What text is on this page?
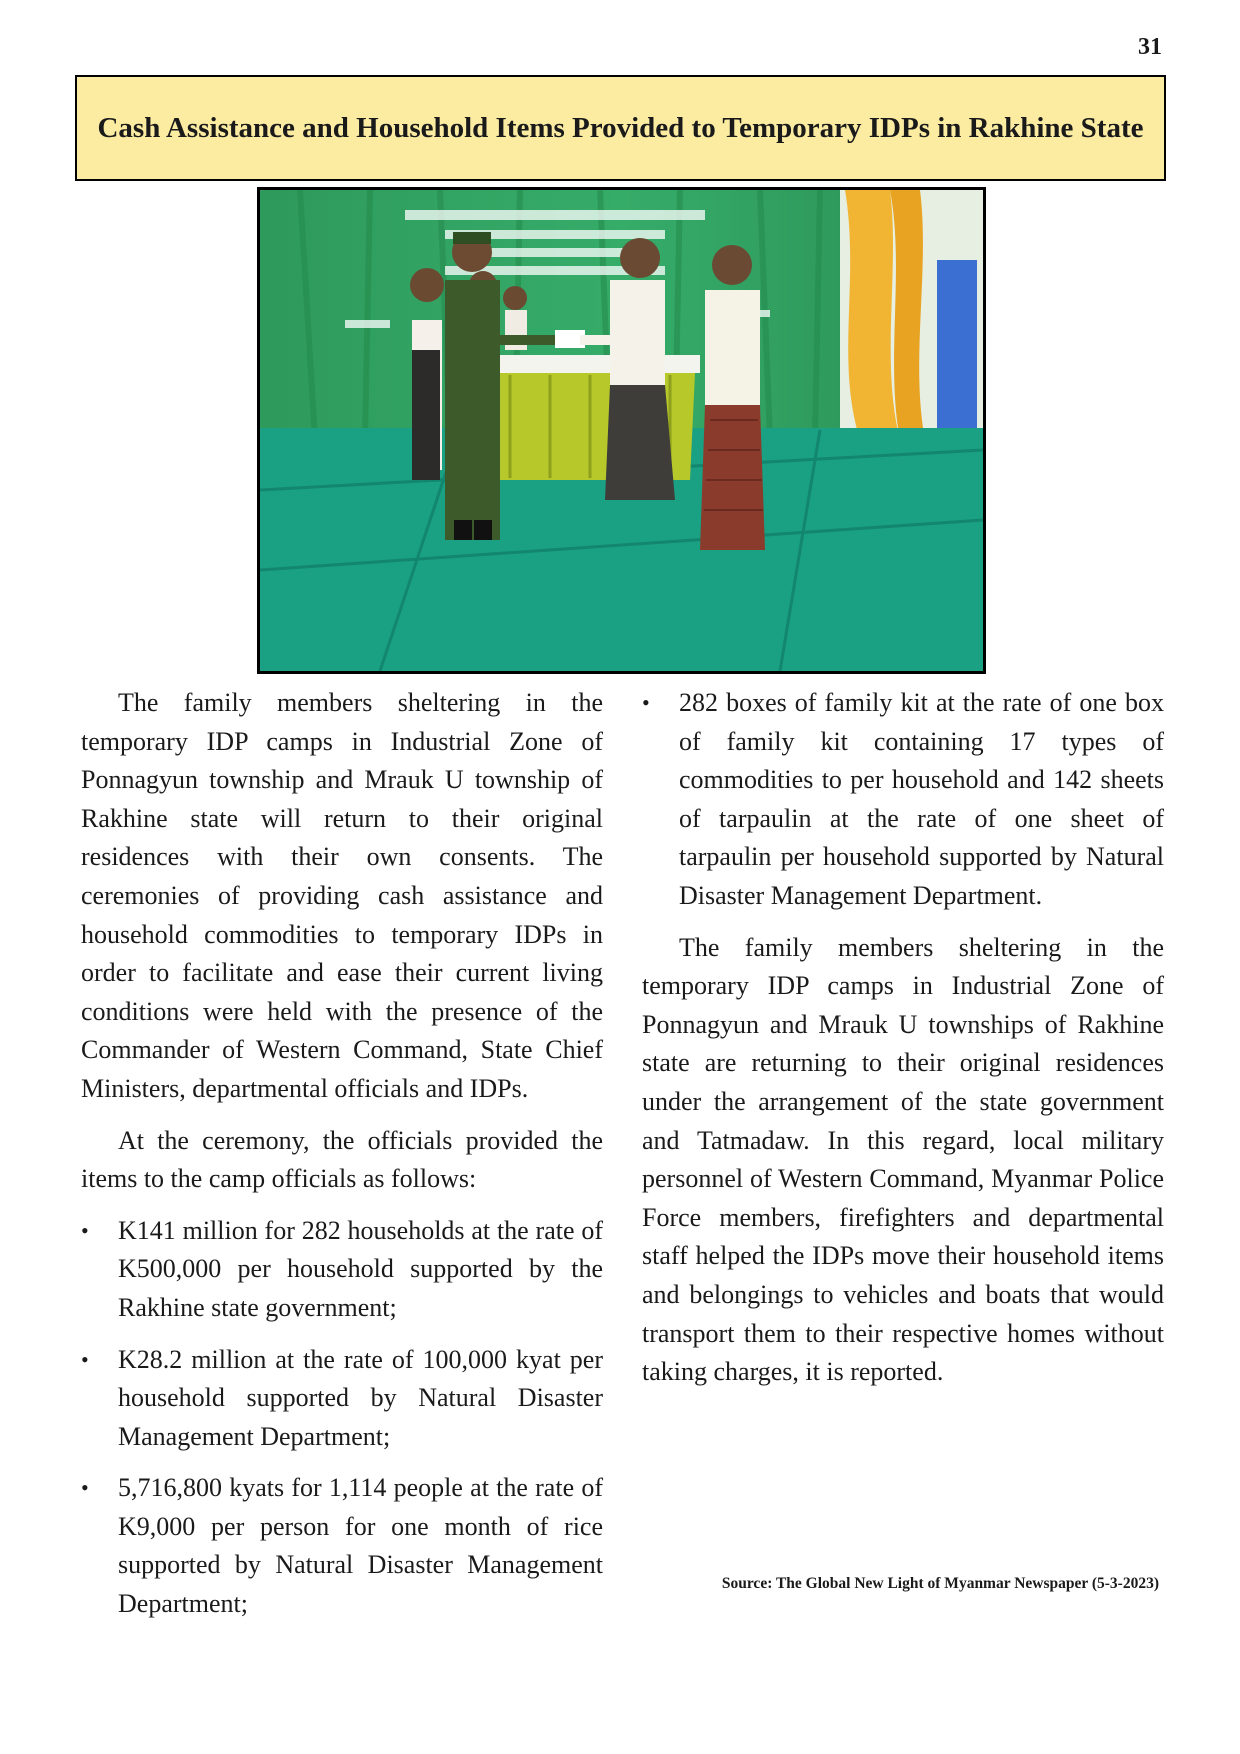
31
Cash Assistance and Household Items Provided to Temporary IDPs in Rakhine State

The family members sheltering in the temporary IDP camps in Industrial Zone of Ponnagyun township and Mrauk U township of Rakhine state will return to their original residences with their own consents. The ceremonies of providing cash assistance and household commodities to temporary IDPs in order to facilitate and ease their current living conditions were held with the presence of the Commander of Western Command, State Chief Ministers, departmental officials and IDPs.

At the ceremony, the officials provided the items to the camp officials as follows:

• K141 million for 282 households at the rate of K500,000 per household supported by the Rakhine state government;
• K28.2 million at the rate of 100,000 kyat per household supported by Natural Disaster Management Department;
• 5,716,800 kyats for 1,114 people at the rate of K9,000 per person for one month of rice supported by Natural Disaster Management Department;
• 282 boxes of family kit at the rate of one box of family kit containing 17 types of commodities to per household and 142 sheets of tarpaulin at the rate of one sheet of tarpaulin per household supported by Natural Disaster Management Department.

The family members sheltering in the temporary IDP camps in Industrial Zone of Ponnagyun and Mrauk U townships of Rakhine state are returning to their original residences under the arrangement of the state government and Tatmadaw. In this regard, local military personnel of Western Command, Myanmar Police Force members, firefighters and departmental staff helped the IDPs move their household items and belongings to vehicles and boats that would transport them to their respective homes without taking charges, it is reported.

Source: The Global New Light of Myanmar Newspaper (5-3-2023)
